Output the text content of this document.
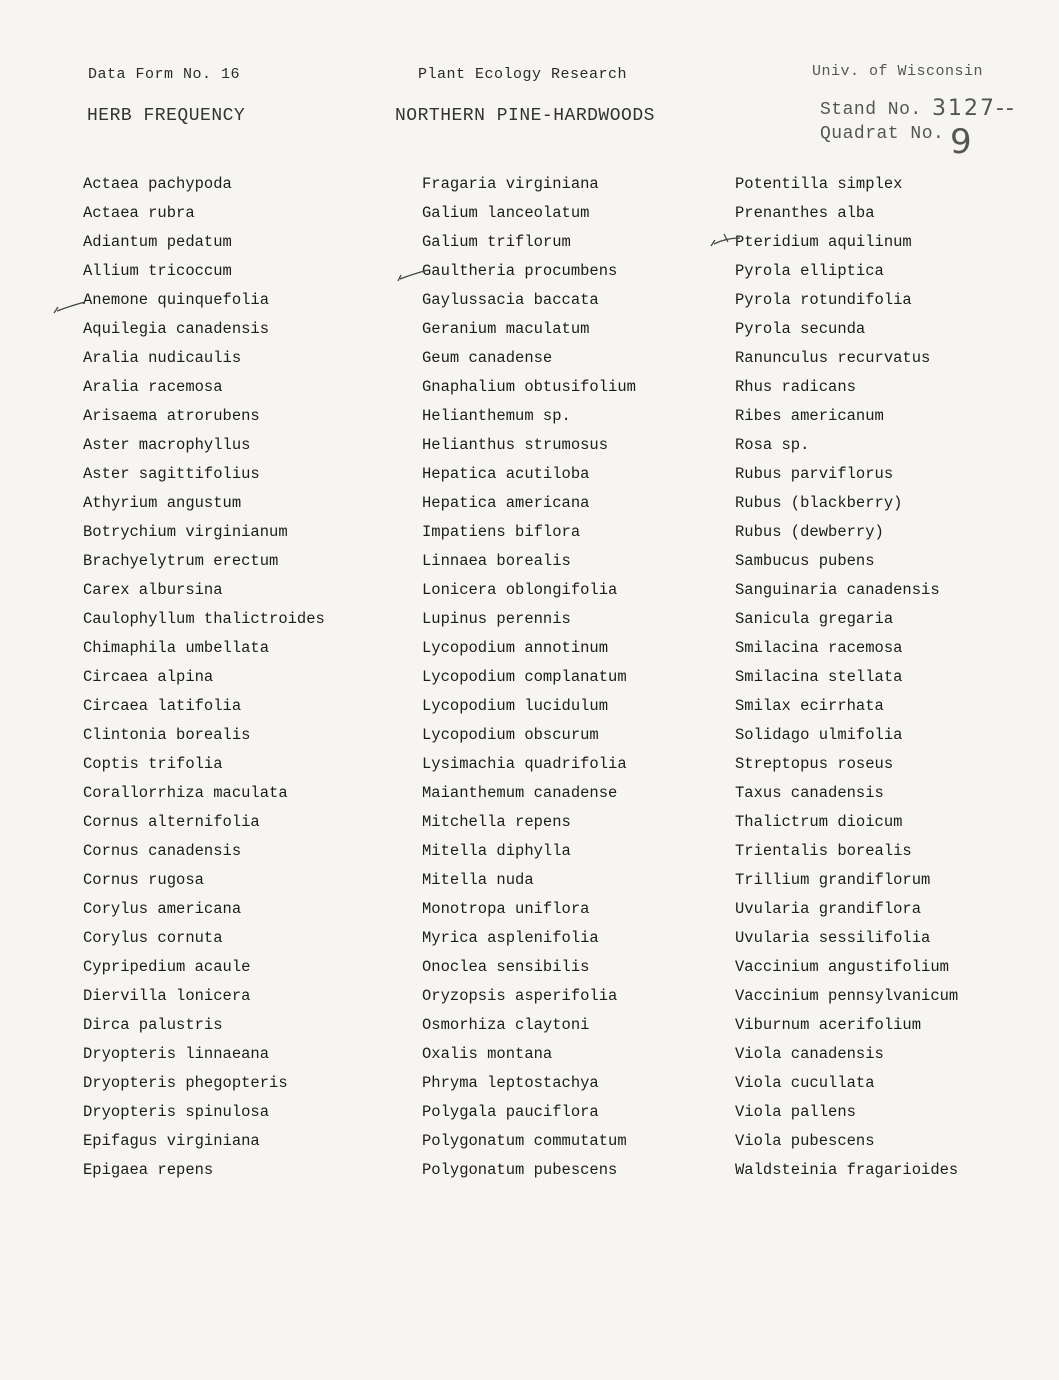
Data Form No. 16	Plant Ecology Research	Univ. of Wisconsin
HERB FREQUENCY	NORTHERN PINE-HARDWOODS	Stand No. 3127--
Quadrat No. 9
Actaea pachypoda
Actaea rubra
Adiantum pedatum
Allium tricoccum
Anemone quinquefolia
Aquilegia canadensis
Aralia nudicaulis
Aralia racemosa
Arisaema atrorubens
Aster macrophyllus
Aster sagittifolius
Athyrium angustum
Botrychium virginianum
Brachyelytrum erectum
Carex albursina
Caulophyllum thalictroides
Chimaphila umbellata
Circaea alpina
Circaea latifolia
Clintonia borealis
Coptis trifolia
Corallorrhiza maculata
Cornus alternifolia
Cornus canadensis
Cornus rugosa
Corylus americana
Corylus cornuta
Cypripedium acaule
Diervilla lonicera
Dirca palustris
Dryopteris linnaeana
Dryopteris phegopteris
Dryopteris spinulosa
Epifagus virginiana
Epigaea repens
Fragaria virginiana
Galium lanceolatum
Galium triflorum
Gaultheria procumbens
Gaylussacia baccata
Geranium maculatum
Geum canadense
Gnaphalium obtusifolium
Helianthemum sp.
Helianthus strumosus
Hepatica acutiloba
Hepatica americana
Impatiens biflora
Linnaea borealis
Lonicera oblongifolia
Lupinus perennis
Lycopodium annotinum
Lycopodium complanatum
Lycopodium lucidulum
Lycopodium obscurum
Lysimachia quadrifolia
Maianthemum canadense
Mitchella repens
Mitella diphylla
Mitella nuda
Monotropa uniflora
Myrica asplenifolia
Onoclea sensibilis
Oryzopsis asperifolia
Osmorhiza claytoni
Oxalis montana
Phryma leptostachya
Polygala pauciflora
Polygonatum commutatum
Polygonatum pubescens
Potentilla simplex
Prenanthes alba
Pteridium aquilinum
Pyrola elliptica
Pyrola rotundifolia
Pyrola secunda
Ranunculus recurvatus
Rhus radicans
Ribes americanum
Rosa sp.
Rubus parviflorus
Rubus (blackberry)
Rubus (dewberry)
Sambucus pubens
Sanguinaria canadensis
Sanicula gregaria
Smilacina racemosa
Smilacina stellata
Smilax ecirrhata
Solidago ulmifolia
Streptopus roseus
Taxus canadensis
Thalictrum dioicum
Trientalis borealis
Trillium grandiflorum
Uvularia grandiflora
Uvularia sessilifolia
Vaccinium angustifolium
Vaccinium pennsylvanicum
Viburnum acerifolium
Viola canadensis
Viola cucullata
Viola pallens
Viola pubescens
Waldsteinia fragarioides
